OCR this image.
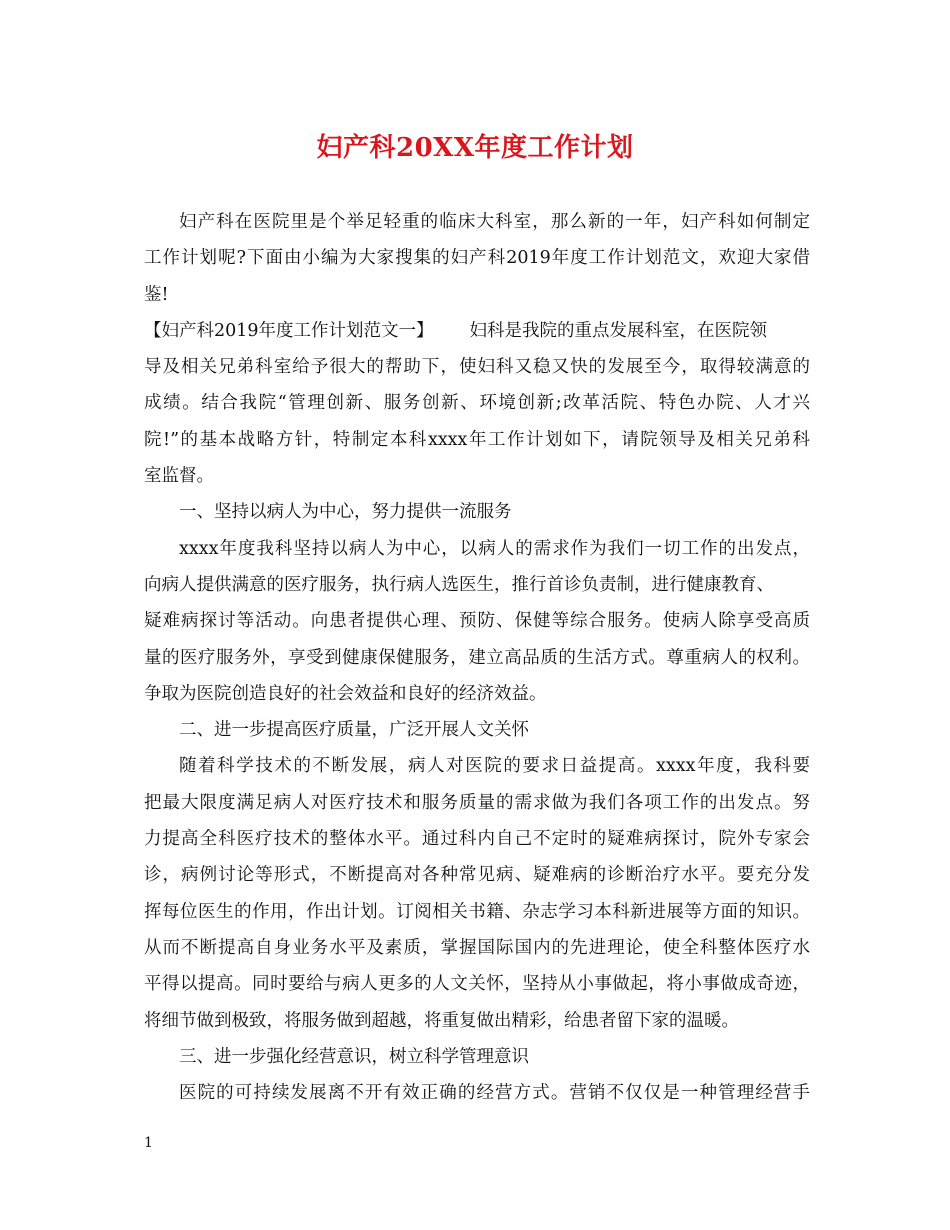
妇产科20XX年度工作计划
妇产科在医院里是个举足轻重的临床大科室，那么新的一年，妇产科如何制定
工作计划呢?下面由小编为大家搜集的妇产科2019年度工作计划范文，欢迎大家借
鉴!
【妇产科2019年度工作计划范文一】 妇科是我院的重点发展科室，在医院领
导及相关兄弟科室给予很大的帮助下，使妇科又稳又快的发展至今，取得较满意的
成绩。结合我院“管理创新、服务创新、环境创新;改革活院、特色办院、人才兴
院!”的基本战略方针，特制定本科xxxx年工作计划如下，请院领导及相关兄弟科
室监督。
一、坚持以病人为中心，努力提供一流服务
xxxx年度我科坚持以病人为中心，以病人的需求作为我们一切工作的出发点，
向病人提供满意的医疗服务，执行病人选医生，推行首诊负责制，进行健康教育、
疑难病探讨等活动。向患者提供心理、预防、保健等综合服务。使病人除享受高质
量的医疗服务外，享受到健康保健服务，建立高品质的生活方式。尊重病人的权利。
争取为医院创造良好的社会效益和良好的经济效益。
二、进一步提高医疗质量，广泛开展人文关怀
随着科学技术的不断发展，病人对医院的要求日益提高。xxxx年度，我科要
把最大限度满足病人对医疗技术和服务质量的需求做为我们各项工作的出发点。努
力提高全科医疗技术的整体水平。通过科内自己不定时的疑难病探讨，院外专家会
诊，病例讨论等形式，不断提高对各种常见病、疑难病的诊断治疗水平。要充分发
挥每位医生的作用，作出计划。订阅相关书籍、杂志学习本科新进展等方面的知识。
从而不断提高自身业务水平及素质，掌握国际国内的先进理论，使全科整体医疗水
平得以提高。同时要给与病人更多的人文关怀，坚持从小事做起，将小事做成奇迹，
将细节做到极致，将服务做到超越，将重复做出精彩，给患者留下家的温暖。
三、进一步强化经营意识，树立科学管理意识
医院的可持续发展离不开有效正确的经营方式。营销不仅仅是一种管理经营手
1
